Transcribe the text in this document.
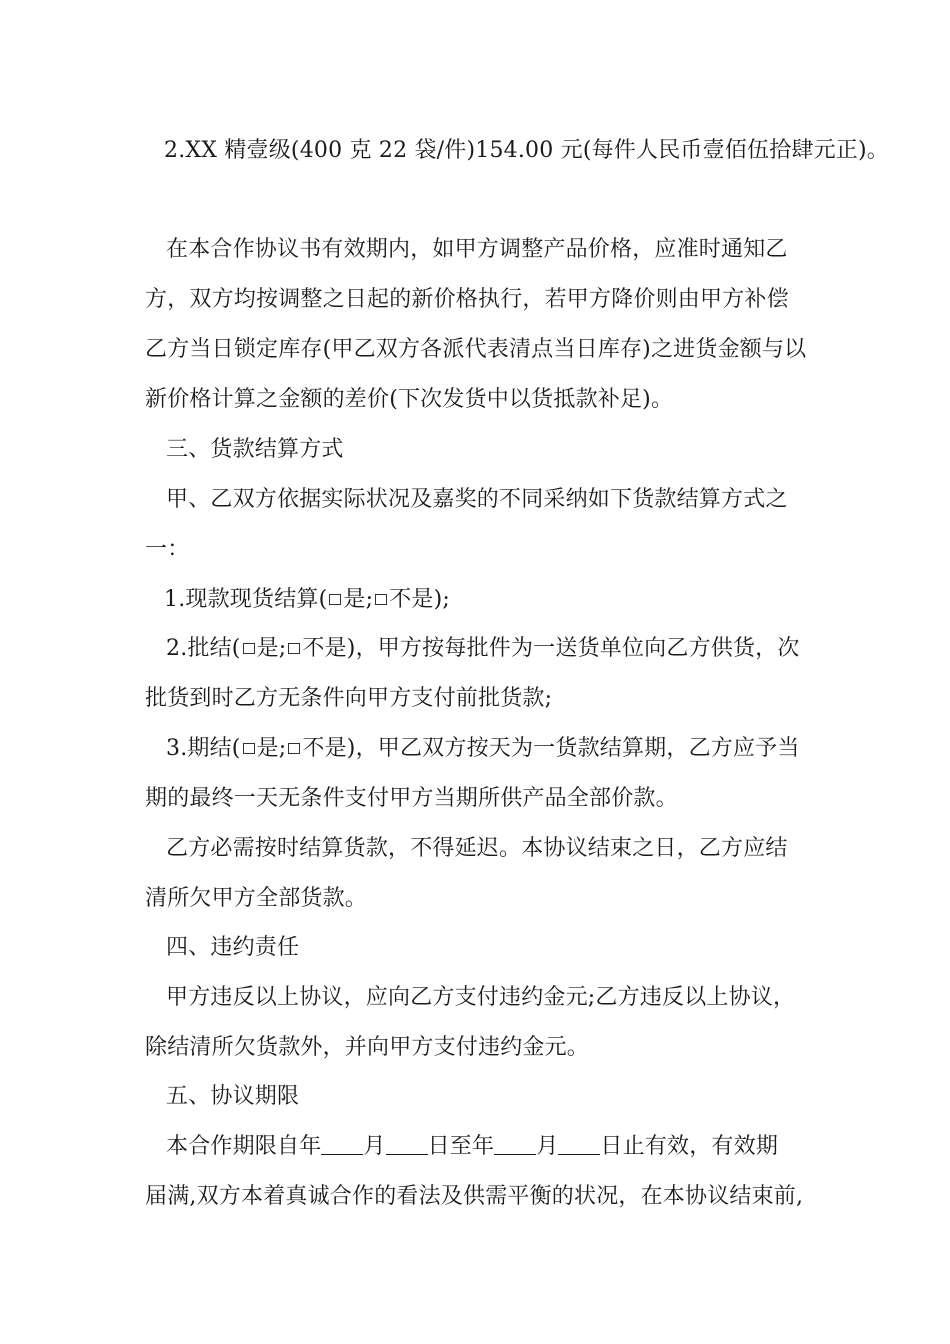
2.XX 精壹级(400 克 22 袋/件)154.00 元(每件人民币壹佰伍拾肆元正)。
在本合作协议书有效期内，如甲方调整产品价格，应准时通知乙
方，双方均按调整之日起的新价格执行，若甲方降价则由甲方补偿
乙方当日锁定库存(甲乙双方各派代表清点当日库存)之进货金额与以
新价格计算之金额的差价(下次发货中以货抵款补足)。
三、货款结算方式
甲、乙双方依据实际状况及嘉奖的不同采纳如下货款结算方式之
一：
1.现款现货结算( 是; 不是);
2.批结( 是; 不是)，甲方按每批件为一送货单位向乙方供货，次
批货到时乙方无条件向甲方支付前批货款;
3.期结( 是; 不是)，甲乙双方按天为一货款结算期，乙方应予当
期的最终一天无条件支付甲方当期所供产品全部价款。
乙方必需按时结算货款，不得延迟。本协议结束之日，乙方应结
清所欠甲方全部货款。
四、违约责任
甲方违反以上协议，应向乙方支付违约金元;乙方违反以上协议，
除结清所欠货款外，并向甲方支付违约金元。
五、协议期限
本合作期限自年 月 日至年 月 日止有效，有效期
届满,双方本着真诚合作的看法及供需平衡的状况，在本协议结束前,
